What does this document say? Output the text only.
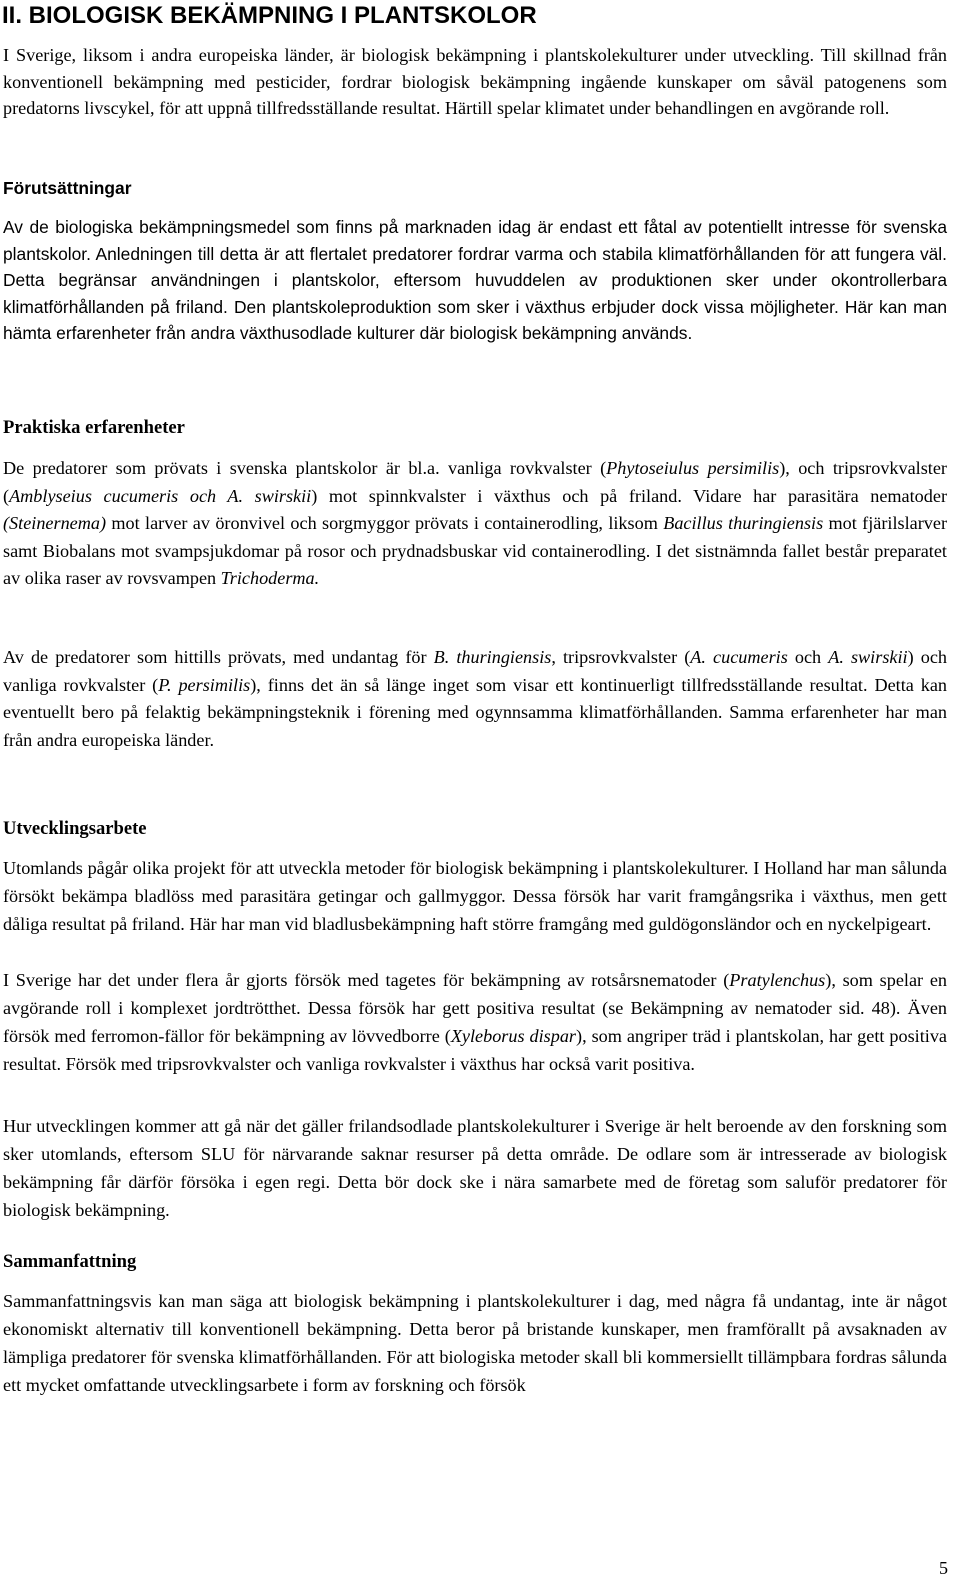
II. BIOLOGISK BEKÄMPNING I PLANTSKOLOR

I Sverige, liksom i andra europeiska länder, är biologisk bekämpning i plantskolekulturer under utveckling. Till skillnad från konventionell bekämpning med pesticider, fordrar biologisk bekämpning ingående kunskaper om såväl patogenens som predatorns livscykel, för att uppnå tillfredsställande resultat. Härtill spelar klimatet under behandlingen en avgörande roll.

Förutsättningar

Av de biologiska bekämpningsmedel som finns på marknaden idag är endast ett fåtal av potentiellt intresse för svenska plantskolor. Anledningen till detta är att flertalet predatorer fordrar varma och stabila klimatförhållanden för att fungera väl. Detta begränsar användningen i plantskolor, eftersom huvuddelen av produktionen sker under okontrollerbara klimatförhållanden på friland. Den plantskoleproduktion som sker i växthus erbjuder dock vissa möjligheter. Här kan man hämta erfarenheter från andra växthusodlade kulturer där biologisk bekämpning används.

Praktiska erfarenheter

De predatorer som prövats i svenska plantskolor är bl.a. vanliga rovkvalster (Phytoseiulus persimilis), och tripsrovkvalster (Amblyseius cucumeris och A. swirskii) mot spinnkvalster i växthus och på friland. Vidare har parasitära nematoder (Steinernema) mot larver av öronvivel och sorgmyggor prövats i containerodling, liksom Bacillus thuringiensis mot fjärilslarver samt Biobalans mot svampsjukdomar på rosor och prydnadsbuskar vid containerodling. I det sistnämnda fallet består preparatet av olika raser av rovsvampen Trichoderma.

Av de predatorer som hittills prövats, med undantag för B. thuringiensis, tripsrovkvalster (A. cucumeris och A. swirskii) och vanliga rovkvalster (P. persimilis), finns det än så länge inget som visar ett kontinuerligt tillfredsställande resultat. Detta kan eventuellt bero på felaktig bekämpningsteknik i förening med ogynnsamma klimatförhållanden. Samma erfarenheter har man från andra europeiska länder.

Utvecklingsarbete

Utomlands pågår olika projekt för att utveckla metoder för biologisk bekämpning i plantskolekulturer. I Holland har man sålunda försökt bekämpa bladlöss med parasitära getingar och gallmyggor. Dessa försök har varit framgångsrika i växthus, men gett dåliga resultat på friland. Här har man vid bladlusbekämpning haft större framgång med guldögonsländor och en nyckelpigeart.

I Sverige har det under flera år gjorts försök med tagetes för bekämpning av rotsårsnematoder (Pratylenchus), som spelar en avgörande roll i komplexet jordtrötthet. Dessa försök har gett positiva resultat (se Bekämpning av nematoder sid. 48). Även försök med ferromon-fällor för bekämpning av lövvedborre (Xyleborus dispar), som angriper träd i plantskolan, har gett positiva resultat. Försök med tripsrovkvalster och vanliga rovkvalster i växthus har också varit positiva.

Hur utvecklingen kommer att gå när det gäller frilandsodlade plantskolekulturer i Sverige är helt beroende av den forskning som sker utomlands, eftersom SLU för närvarande saknar resurser på detta område. De odlare som är intresserade av biologisk bekämpning får därför försöka i egen regi. Detta bör dock ske i nära samarbete med de företag som saluför predatorer för biologisk bekämpning.

Sammanfattning

Sammanfattningsvis kan man säga att biologisk bekämpning i plantskolekulturer i dag, med några få undantag, inte är något ekonomiskt alternativ till konventionell bekämpning. Detta beror på bristande kunskaper, men framförallt på avsaknaden av lämpliga predatorer för svenska klimatförhållanden. För att biologiska metoder skall bli kommersiellt tillämpbara fordras sålunda ett mycket omfattande utvecklingsarbete i form av forskning och försök

5
